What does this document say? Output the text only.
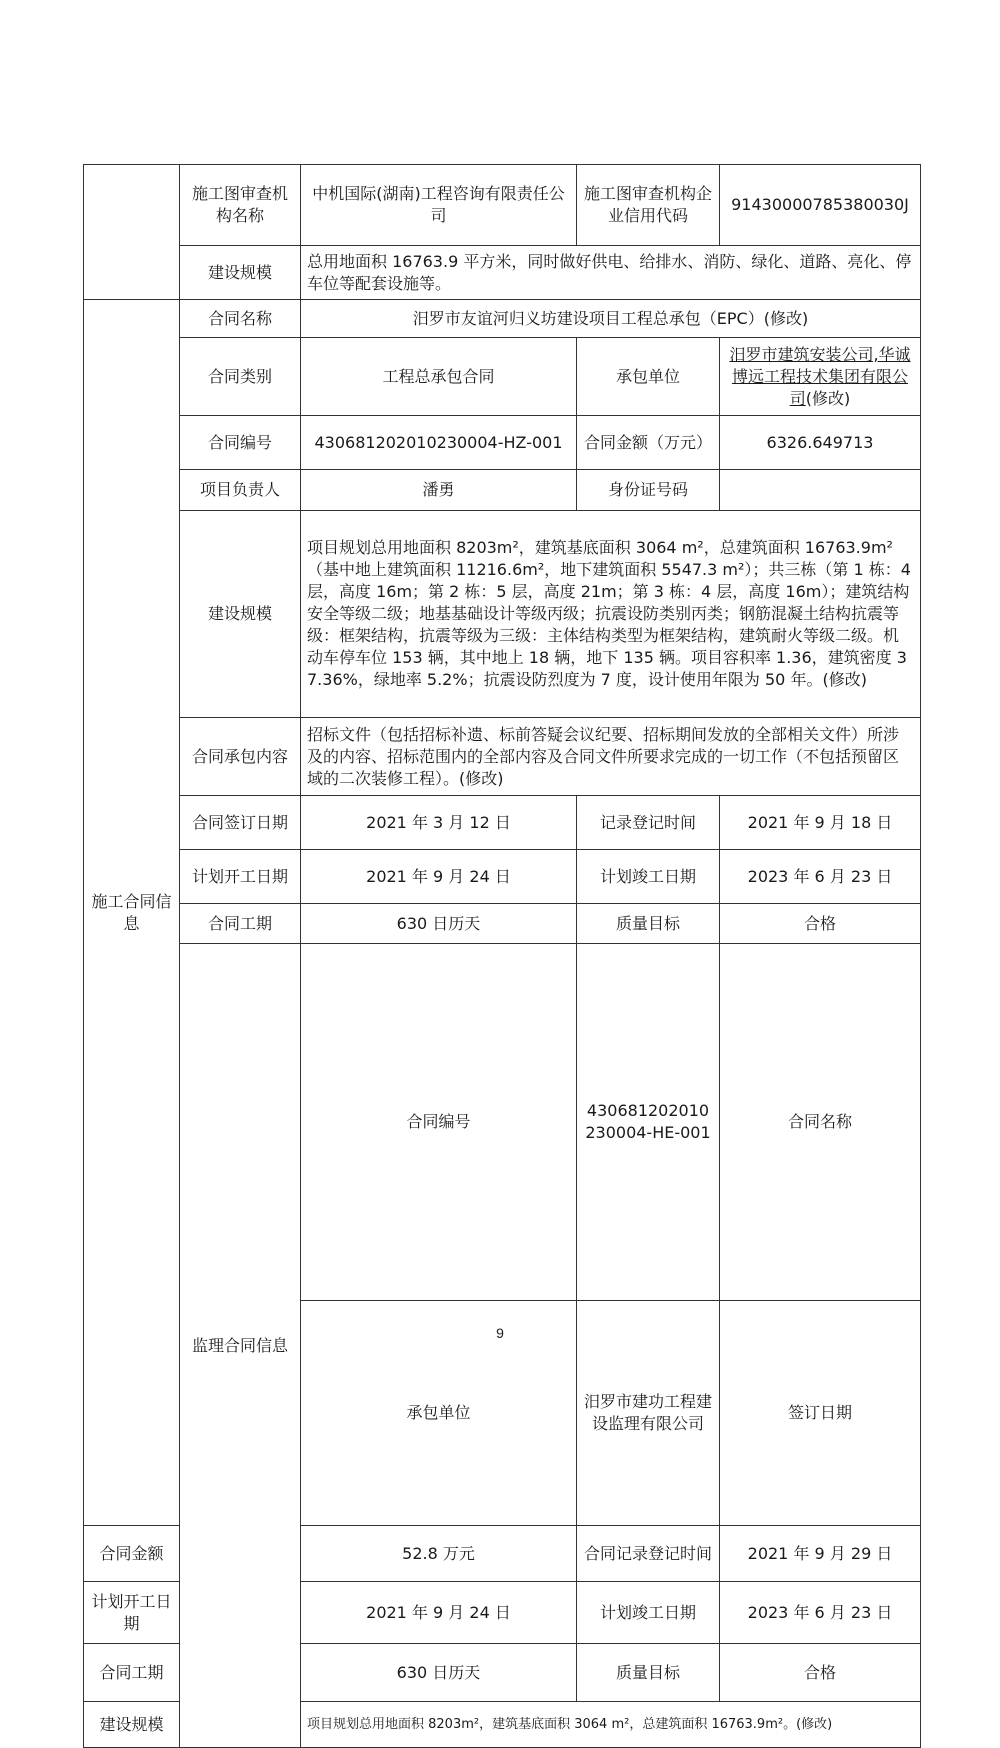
	施工图审查机构名称	中机国际(湖南)工程咨询有限责任公司	施工图审查机构企业信用代码	91430000785380030J	
	建设规模	总用地面积 16763.9 平方米，同时做好供电、给排水、消防、绿化、道路、亮化、停车位等配套设施等。			
施工合同信息	合同名称	汨罗市友谊河归义坊建设项目工程总承包（EPC）(修改)			
	合同类别	工程总承包合同	承包单位	汨罗市建筑安装公司,华诚博远工程技术集团有限公司(修改)	
	合同编号	430681202010230004-HZ-001	合同金额（万元）	6326.649713	
	项目负责人	潘勇	身份证号码		
	建设规模	项目规划总用地面积 8203m²，建筑基底面积 3064 m²，总建筑面积 16763.9m²（基中地上建筑面积 11216.6m²，地下建筑面积 5547.3 m²）；共三栋（第 1 栋：4 层，高度 16m；第 2 栋：5 层，高度 21m；第 3 栋：4 层，高度 16m）；建筑结构安全等级二级；地基基础设计等级丙级；抗震设防类别丙类；钢筋混凝土结构抗震等级：框架结构，抗震等级为三级：主体结构类型为框架结构，建筑耐火等级二级。机动车停车位 153 辆，其中地上 18 辆，地下 135 辆。项目容积率 1.36，建筑密度 37.36%，绿地率 5.2%；抗震设防烈度为 7 度，设计使用年限为 50 年。(修改)			
	合同承包内容	招标文件（包括招标补遗、标前答疑会议纪要、招标期间发放的全部相关文件）所涉及的内容、招标范围内的全部内容及合同文件所要求完成的一切工作（不包括预留区域的二次装修工程）。(修改)			
	合同签订日期	2021 年 3 月 12 日	记录登记时间	2021 年 9 月 18 日	
	计划开工日期	2021 年 9 月 24 日	计划竣工日期	2023 年 6 月 23 日	
	合同工期	630 日历天	质量目标	合格	
	监理合同信息	合同编号	430681202010230004-HE-001	合同名称	
		承包单位	汨罗市建功工程建设监理有限公司	签订日期	
合同金额		52.8 万元	合同记录登记时间	2021 年 9 月 29 日	
计划开工日期		2021 年 9 月 24 日	计划竣工日期	2023 年 6 月 23 日	
合同工期		630 日历天	质量目标	合格	
建设规模		项目规划总用地面积 8203m²，建筑基底面积 3064 m²，总建筑面积 16763.9m²。(修改)			
9
